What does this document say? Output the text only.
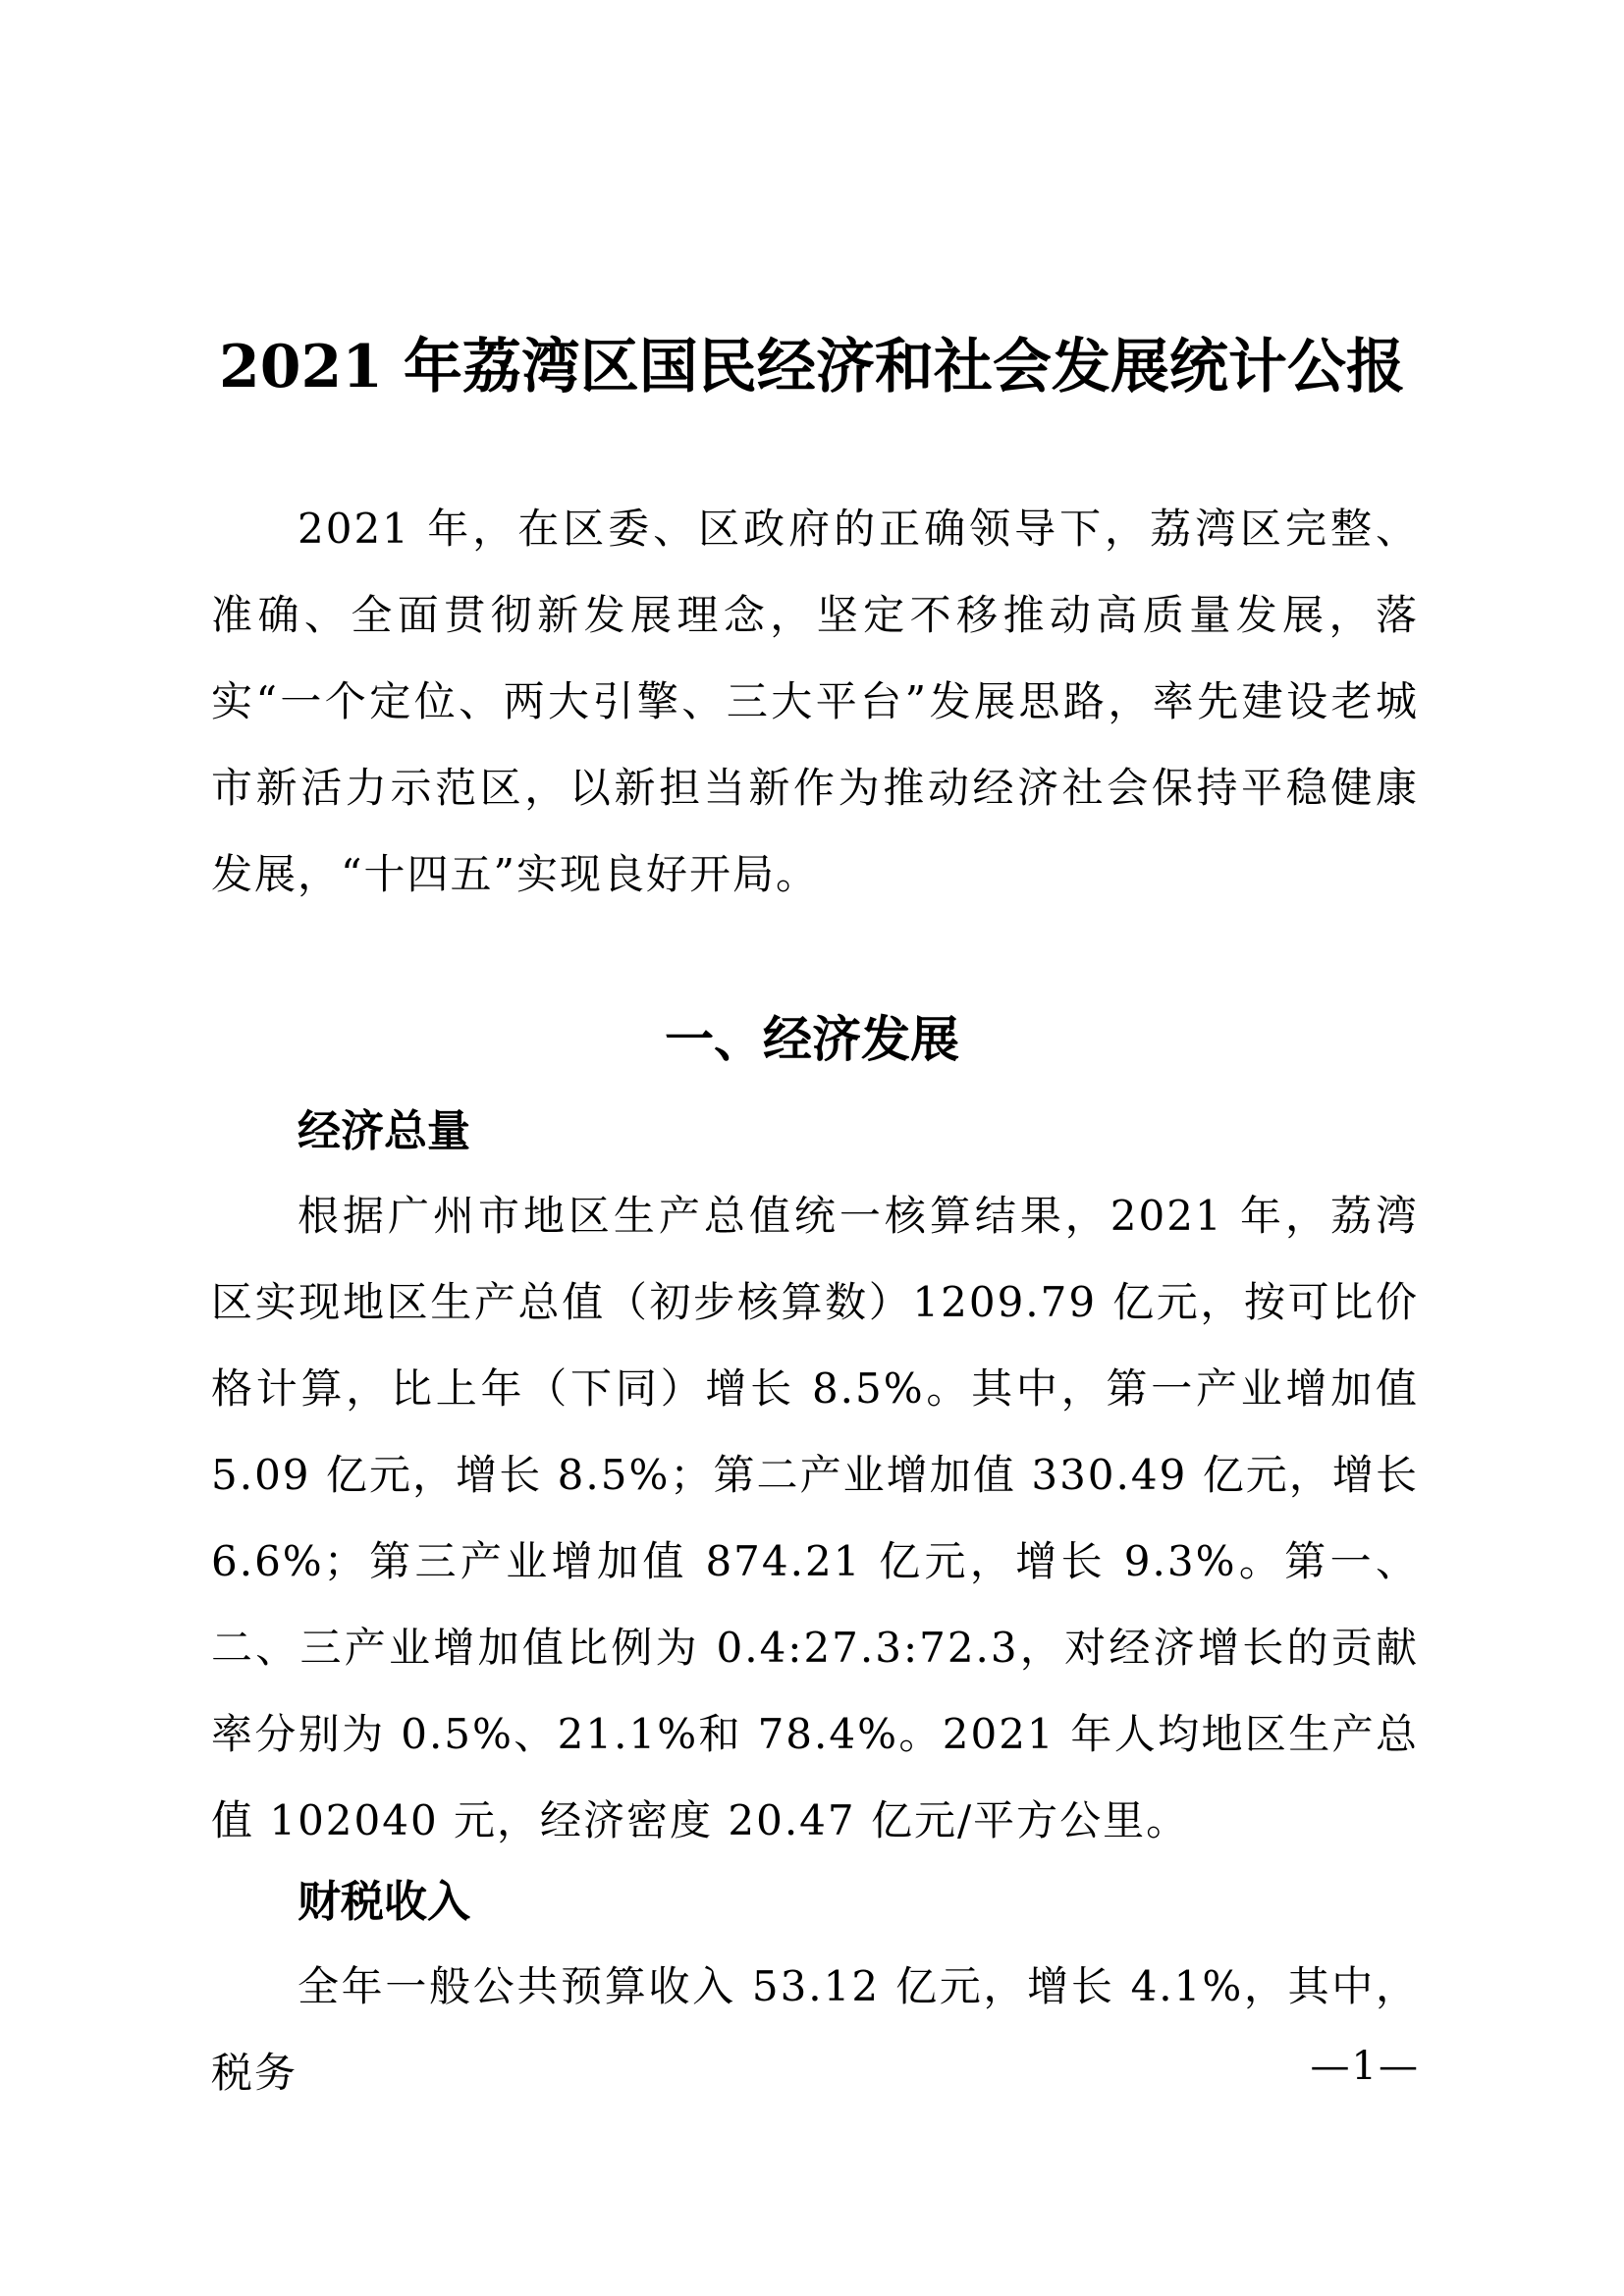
2021 年荔湾区国民经济和社会发展统计公报

2021 年，在区委、区政府的正确领导下，荔湾区完整、准确、全面贯彻新发展理念，坚定不移推动高质量发展，落实“一个定位、两大引擎、三大平台”发展思路，率先建设老城市新活力示范区，以新担当新作为推动经济社会保持平稳健康发展，“十四五”实现良好开局。

一、经济发展
经济总量

根据广州市地区生产总值统一核算结果，2021 年，荔湾区实现地区生产总值（初步核算数）1209.79 亿元，按可比价格计算，比上年（下同）增长 8.5%。其中，第一产业增加值 5.09 亿元，增长 8.5%；第二产业增加值 330.49 亿元，增长 6.6%；第三产业增加值 874.21 亿元，增长 9.3%。第一、二、三产业增加值比例为 0.4:27.3:72.3，对经济增长的贡献率分别为 0.5%、21.1%和 78.4%。2021 年人均地区生产总值 102040 元，经济密度 20.47 亿元/平方公里。

财税收入

全年一般公共预算收入 53.12 亿元，增长 4.1%，其中，税务	—1—
